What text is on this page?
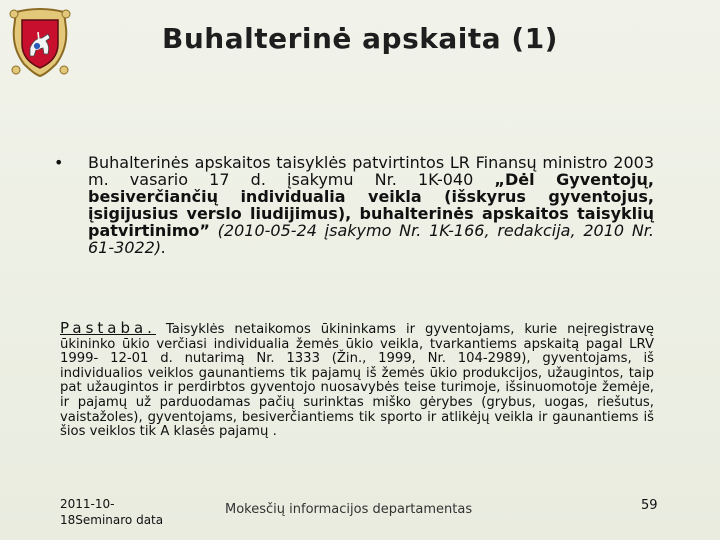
Buhalterinė apskaita (1)
• Buhalterinės apskaitos taisyklės patvirtintos LR Finansų ministro 2003 m. vasario 17 d. įsakymu Nr. 1K-040 „Dėl Gyventojų, besiverčiančių individualia veikla (išskyrus gyventojus, įsigijusius verslo liudijimus), buhalterinės apskaitos taisyklių patvirtinimo” (2010-05-24 įsakymo Nr. 1K-166, redakcija, 2010 Nr. 61-3022).

Pastaba. Taisyklės netaikomos ūkininkams ir gyventojams, kurie neįregistravę ūkininko ūkio verčiasi individualia žemės ūkio veikla, tvarkantiems apskaitą pagal LRV 1999- 12-01 d. nutarimą Nr. 1333 (Žin., 1999, Nr. 104-2989), gyventojams, iš individualios veiklos gaunantiems tik pajamų iš žemės ūkio produkcijos, užaugintos, taip pat užaugintos ir perdirbtos gyventojo nuosavybės teise turimoje, išsinuomotoje žemėje, ir pajamų už parduodamas pačių surinktas miško gėrybes (grybus, uogas, riešutus, vaistažoles), gyventojams, besiverčiantiems tik sporto ir atlikėjų veikla ir gaunantiems iš šios veiklos tik A klasės pajamų .
2011-10-
18Seminaro data
Mokesčių informacijos departamentas	59
